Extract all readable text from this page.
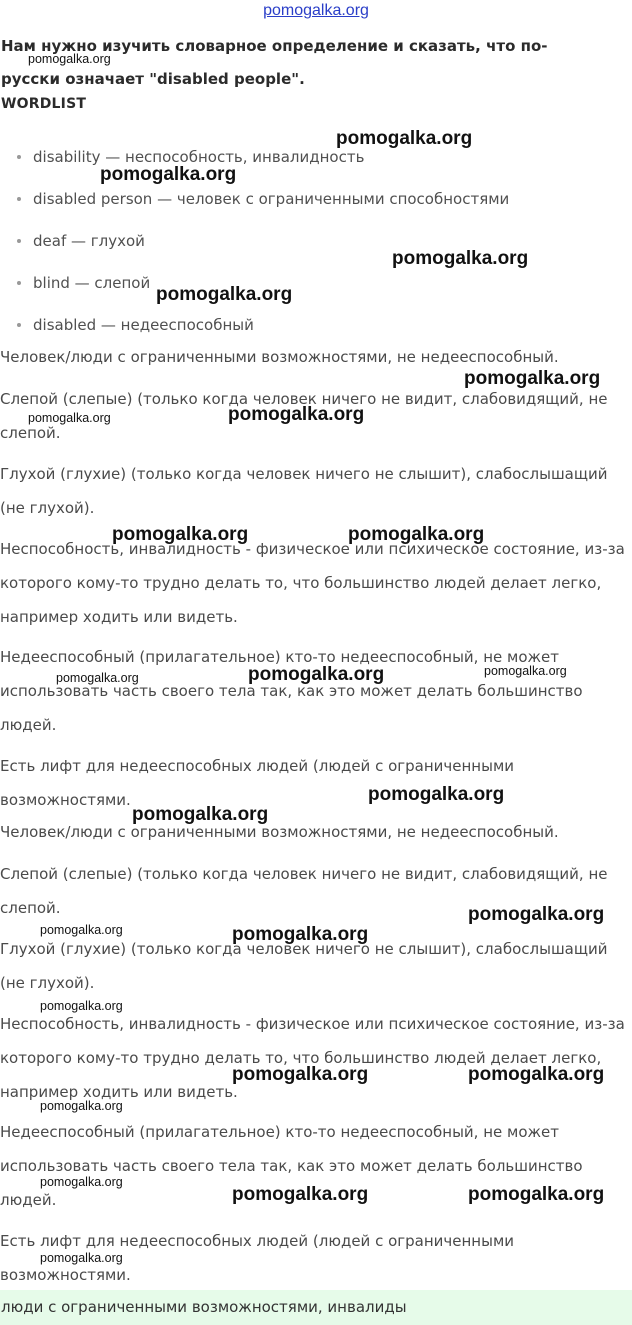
pomogalka.org
Нам нужно изучить словарное определение и сказать, что по-русски означает "disabled people".
WORDLIST
disability — неспособность, инвалидность
disabled person — человек с ограниченными способностями
deaf — глухой
blind — слепой
disabled — недееспособный

Человек/люди с ограниченными возможностями, не недееспособный.

Слепой (слепые) (только когда человек ничего не видит, слабовидящий, не слепой.

Глухой (глухие) (только когда человек ничего не слышит), слабослышащий (не глухой).

Неспособность, инвалидность - физическое или психическое состояние, из-за которого кому-то трудно делать то, что большинство людей делает легко, например ходить или видеть.

Недееспособный (прилагательное) кто-то недееспособный, не может использовать часть своего тела так, как это может делать большинство людей.

Есть лифт для недееспособных людей (людей с ограниченными возможностями.

Человек/люди с ограниченными возможностями, не недееспособный.

Слепой (слепые) (только когда человек ничего не видит, слабовидящий, не слепой.

Глухой (глухие) (только когда человек ничего не слышит), слабослышащий (не глухой).

Неспособность, инвалидность - физическое или психическое состояние, из-за которого кому-то трудно делать то, что большинство людей делает легко, например ходить или видеть.

Недееспособный (прилагательное) кто-то недееспособный, не может использовать часть своего тела так, как это может делать большинство людей.

Есть лифт для недееспособных людей (людей с ограниченными возможностями.

люди с ограниченными возможностями, инвалиды
pomogalka.org
pomogalka.org
pomogalka.org
pomogalka.org
pomogalka.org
pomogalka.org
pomogalka.org	pomogalka.org
pomogalka.org	pomogalka.org
pomogalka.org	pomogalka.org	pomogalka.org
pomogalka.org
pomogalka.org
pomogalka.org
pomogalka.org	pomogalka.org
pomogalka.org
pomogalka.org	pomogalka.org
pomogalka.org
pomogalka.org
pomogalka.org	pomogalka.org
pomogalka.org
